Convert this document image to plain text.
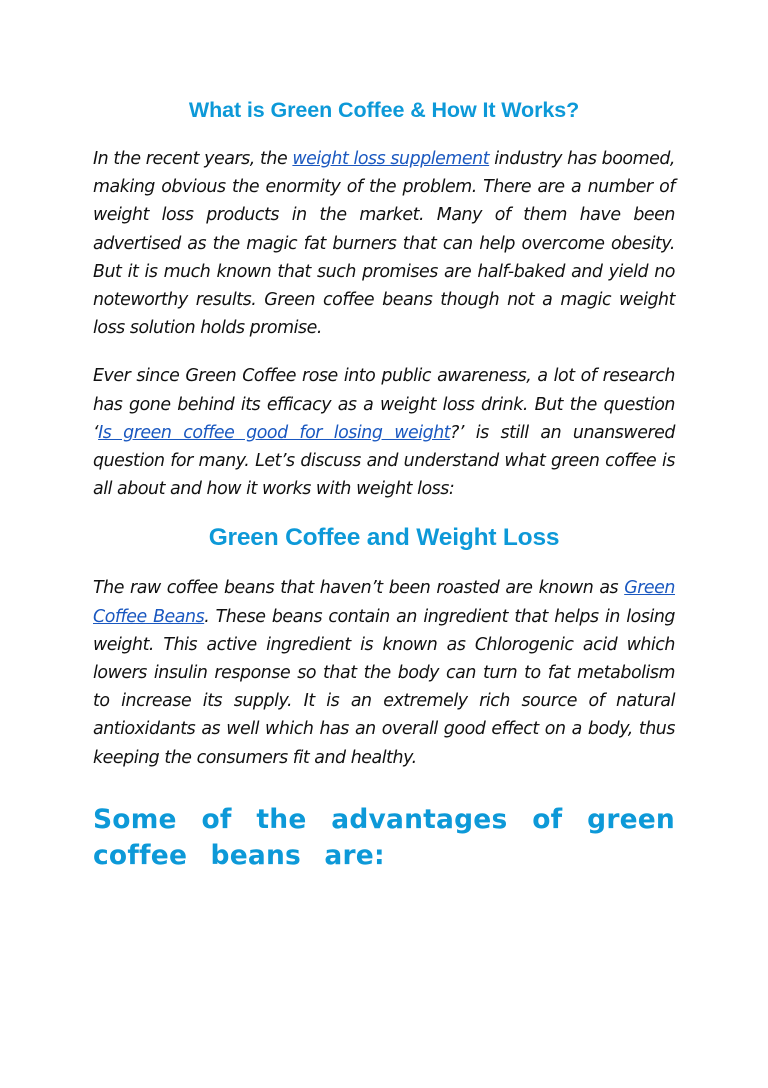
What is Green Coffee & How It Works?

In the recent years, the weight loss supplement industry has boomed, making obvious the enormity of the problem. There are a number of weight loss products in the market. Many of them have been advertised as the magic fat burners that can help overcome obesity. But it is much known that such promises are half-baked and yield no noteworthy results. Green coffee beans though not a magic weight loss solution holds promise.

Ever since Green Coffee rose into public awareness, a lot of research has gone behind its efficacy as a weight loss drink. But the question ‘Is green coffee good for losing weight?’ is still an unanswered question for many. Let’s discuss and understand what green coffee is all about and how it works with weight loss:

Green Coffee and Weight Loss

The raw coffee beans that haven’t been roasted are known as Green Coffee Beans. These beans contain an ingredient that helps in losing weight. This active ingredient is known as Chlorogenic acid which lowers insulin response so that the body can turn to fat metabolism to increase its supply. It is an extremely rich source of natural antioxidants as well which has an overall good effect on a body, thus keeping the consumers fit and healthy.

Some of the advantages of green coffee beans are:
